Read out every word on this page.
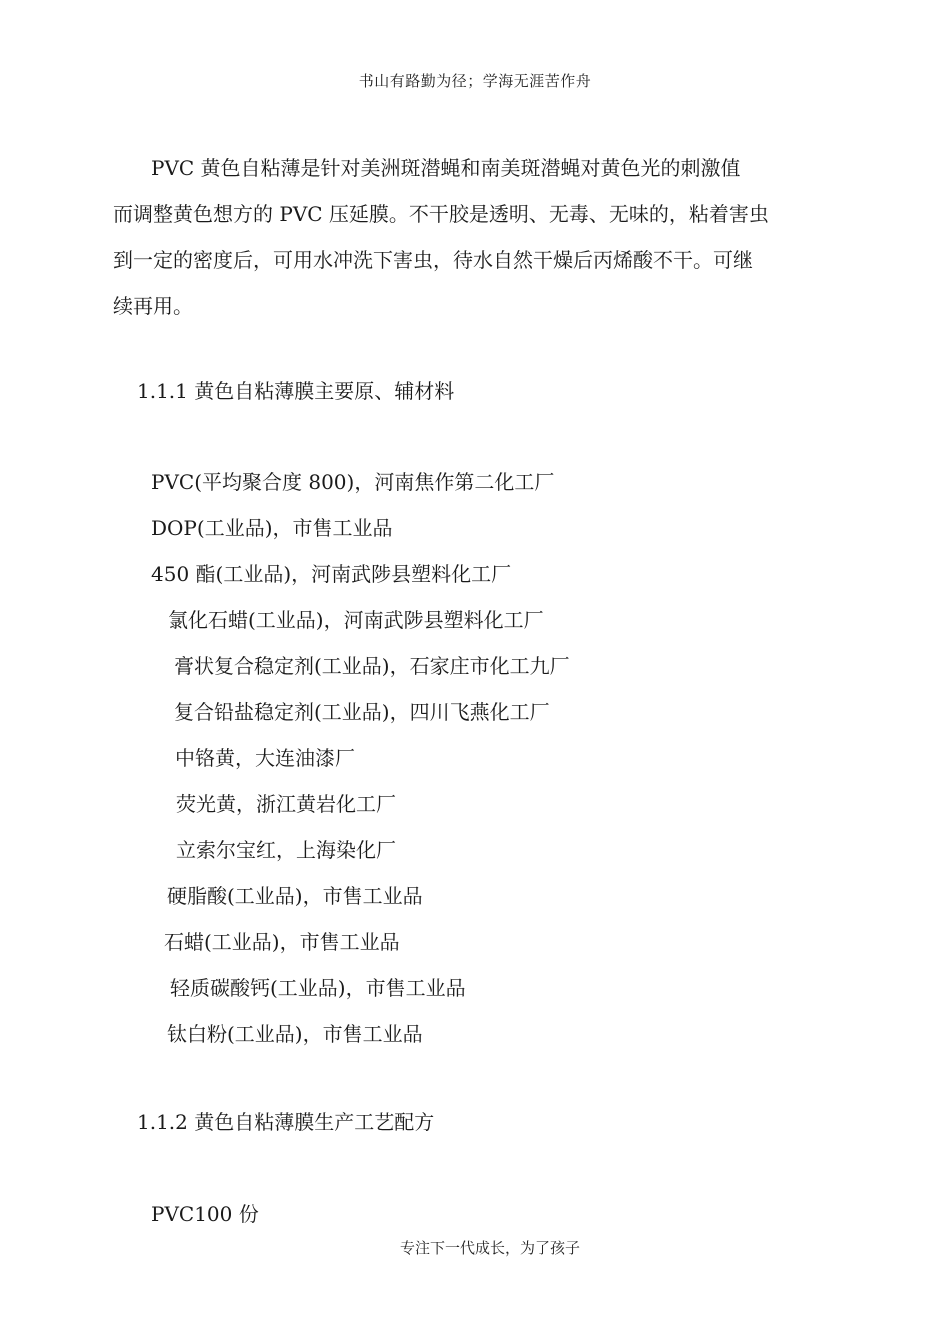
书山有路勤为径；学海无涯苦作舟
PVC 黄色自粘薄是针对美洲斑潜蝇和南美斑潜蝇对黄色光的刺激值
而调整黄色想方的 PVC 压延膜。不干胶是透明、无毒、无味的，粘着害虫
到一定的密度后，可用水冲洗下害虫，待水自然干燥后丙烯酸不干。可继
续再用。
1.1.1 黄色自粘薄膜主要原、辅材料
PVC(平均聚合度 800)，河南焦作第二化工厂
DOP(工业品)，市售工业品
450 酯(工业品)，河南武陟县塑料化工厂
氯化石蜡(工业品)，河南武陟县塑料化工厂
膏状复合稳定剂(工业品)，石家庄市化工九厂
复合铅盐稳定剂(工业品)，四川飞燕化工厂
中铬黄，大连油漆厂
荧光黄，浙江黄岩化工厂
立索尔宝红，上海染化厂
硬脂酸(工业品)，市售工业品
石蜡(工业品)，市售工业品
轻质碳酸钙(工业品)，市售工业品
钛白粉(工业品)，市售工业品
1.1.2 黄色自粘薄膜生产工艺配方
PVC100 份
专注下一代成长，为了孩子
